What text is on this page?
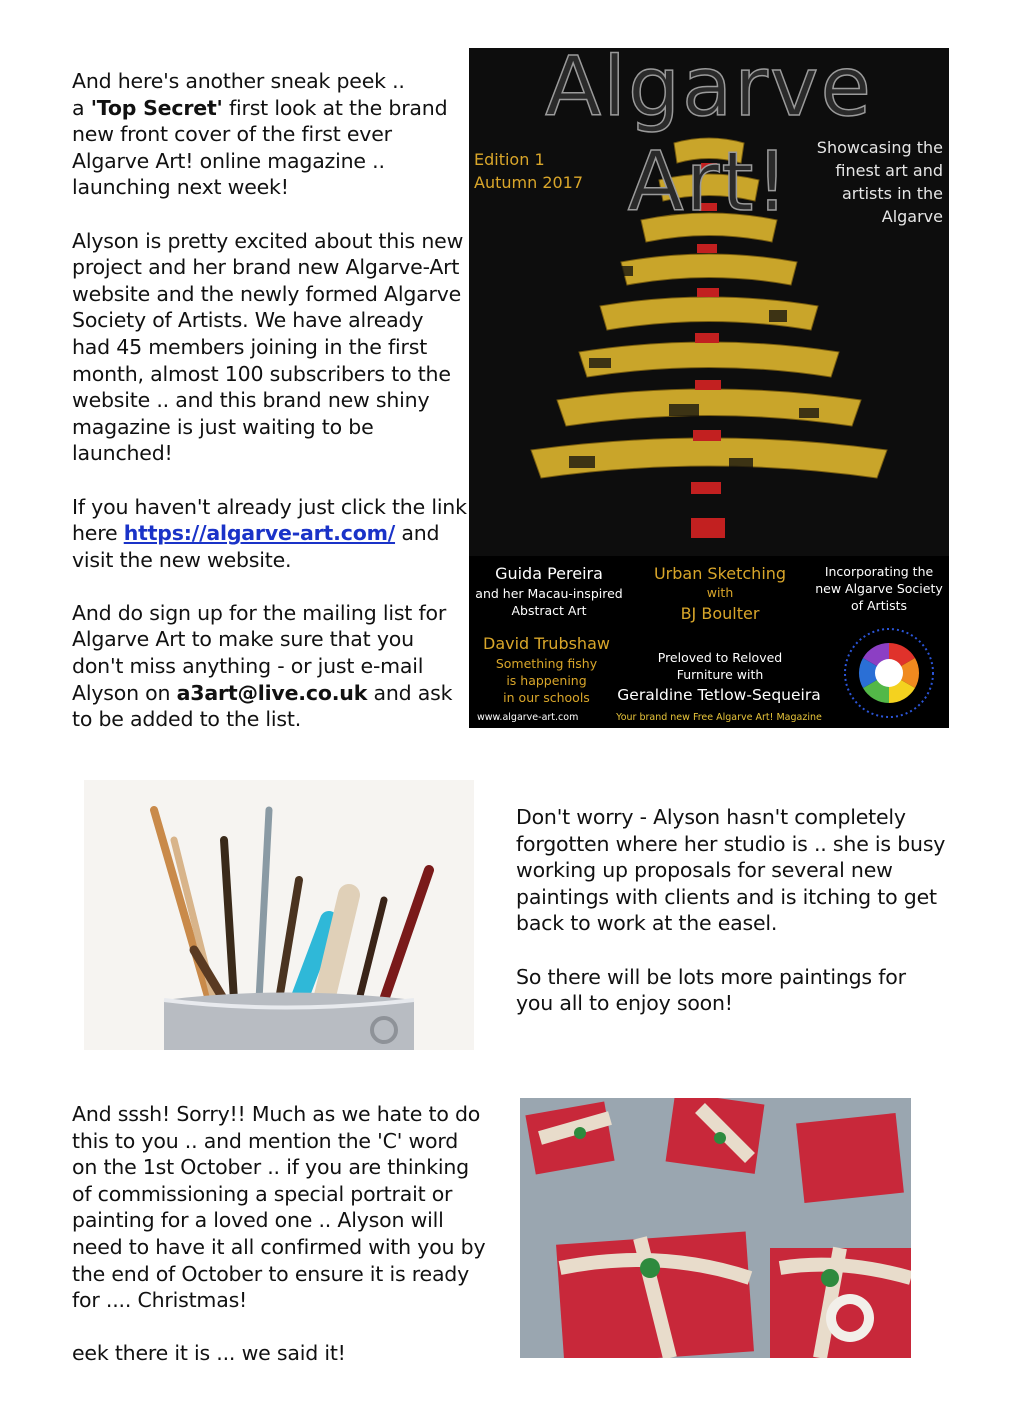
And here's another sneak peek ..
a 'Top Secret' first look at the brand new front cover of the first ever Algarve Art! online magazine .. launching next week!

Alyson is pretty excited about this new project and her brand new Algarve-Art website and the newly formed Algarve Society of Artists. We have already had 45 members joining in the first month, almost 100 subscribers to the website .. and this brand new shiny magazine is just waiting to be launched!

If you haven't already just click the link here https://algarve-art.com/ and visit the new website.

And do sign up for the mailing list for Algarve Art to make sure that you don't miss anything - or just e-mail Alyson on a3art@live.co.uk and ask to be added to the list.

Algarve Art!
Edition 1
Autumn 2017
Showcasing the finest art and artists in the Algarve
Guida Pereira
and her Macau-inspired
Abstract Art
Urban Sketching
with
BJ Boulter
Incorporating the
new Algarve Society
of Artists
David Trubshaw
Something fishy
is happening
in our schools
Preloved to Reloved
Furniture with
Geraldine Tetlow-Sequeira
www.algarve-art.com	Your brand new Free Algarve Art! Magazine

Don't worry - Alyson hasn't completely forgotten where her studio is .. she is busy working up proposals for several new paintings with clients and is itching to get back to work at the easel.

So there will be lots more paintings for you all to enjoy soon!

And sssh! Sorry!! Much as we hate to do this to you .. and mention the 'C' word on the 1st October .. if you are thinking of commissioning a special portrait or painting for a loved one .. Alyson will need to have it all confirmed with you by the end of October to ensure it is ready for .... Christmas!

eek there it is ... we said it!
